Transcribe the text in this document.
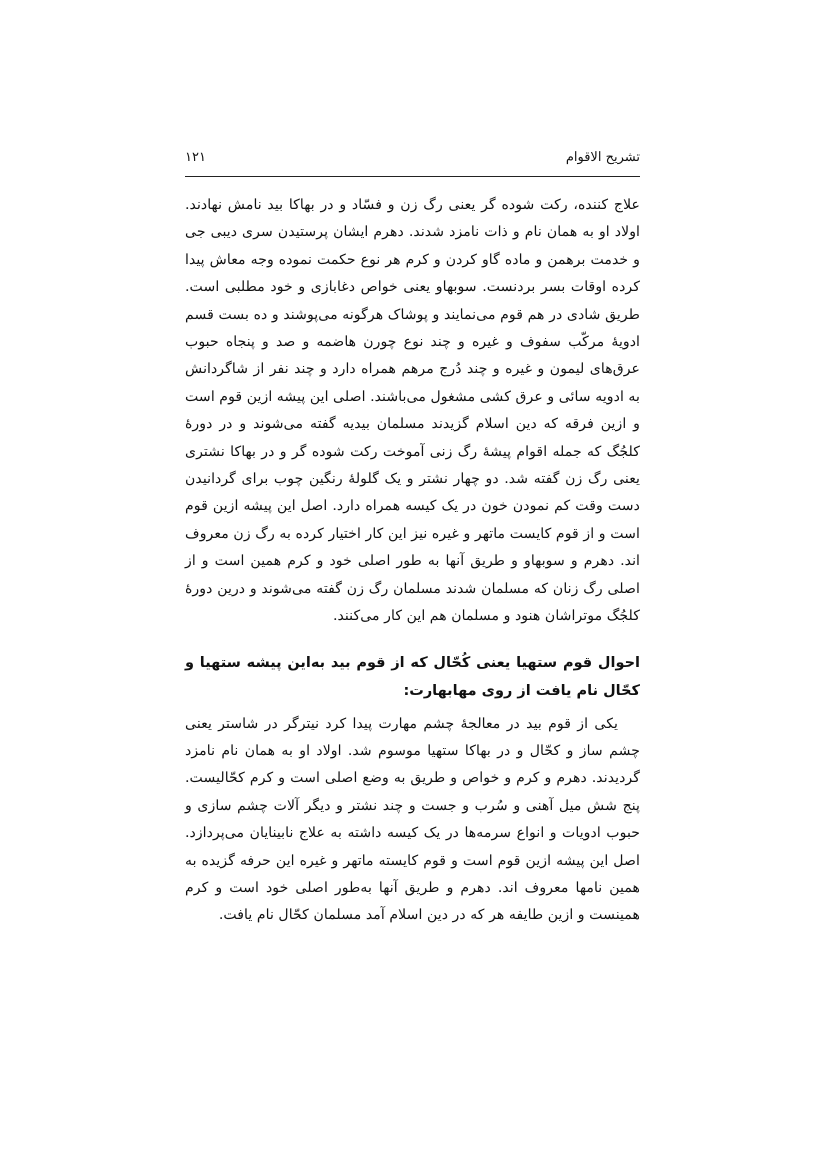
تشریح الاقوام
۱۲۱

علاج کننده، رکت شوده گر یعنی رگ زن و فسّاد و در بهاکا بید نامش نهادند. اولاد او به همان نام و ذات نامزد شدند. دهرم ایشان پرستیدن سری دیبی جی و خدمت برهمن و ماده گاو کردن و کرم هر نوع حکمت نموده وجه معاش پیدا کرده اوقات بسر بردنست. سوبهاو یعنی خواص دغابازی و خود مطلبی است. طریق شادی در هم قوم می‌نمایند و پوشاک هرگونه می‌پوشند و ده بست قسم ادویهٔ مرکّب سفوف و غیره و چند نوع چورن هاضمه و صد و پنجاه حبوب عرق‌های لیمون و غیره و چند دُرج مرهم همراه دارد و چند نفر از شاگردانش به ادویه سائی و عرق کشی مشغول می‌باشند. اصلی این پیشه ازین قوم است و ازین فرقه که دین اسلام گزیدند مسلمان بیدیه گفته می‌شوند و در دورهٔ کلجُگ که جمله اقوام پیشهٔ رگ زنی آموخت رکت شوده گر و در بهاکا نشتری یعنی رگ زن گفته شد. دو چهار نشتر و یک گلولهٔ رنگین چوب برای گردانیدن دست وقت کم نمودن خون در یک کیسه همراه دارد. اصل این پیشه ازین قوم است و از قوم کایست ماتهر و غیره نیز این کار اختیار کرده به رگ زن معروف اند. دهرم و سوبهاو و طریق آنها به طور اصلی خود و کرم همین است و از اصلی رگ زنان که مسلمان شدند مسلمان رگ زن گفته می‌شوند و درین دورهٔ کلجُگ موتراشان هنود و مسلمان هم این کار می‌کنند.

احوال قوم ستهیا یعنی کُحّال که از قوم بید به‌این پیشه ستهیا و کحّال نام یافت از روی مهابهارت:

یکی از قوم بید در معالجهٔ چشم مهارت پیدا کرد نیترگر در شاستر یعنی چشم ساز و کحّال و در بهاکا ستهیا موسوم شد. اولاد او به همان نام نامزد گردیدند. دهرم و کرم و خواص و طریق به وضع اصلی است و کرم کحّالیست. پنج شش میل آهنی و سُرب و جست و چند نشتر و دیگر آلات چشم سازی و حبوب ادویات و انواع سرمه‌ها در یک کیسه داشته به علاج نابینایان می‌پردازد. اصل این پیشه ازین قوم است و قوم کایسته ماتهر و غیره این حرفه گزیده به همین نامها معروف اند. دهرم و طریق آنها به‌طور اصلی خود است و کرم همینست و ازین طایفه هر که در دین اسلام آمد مسلمان کحّال نام یافت.
